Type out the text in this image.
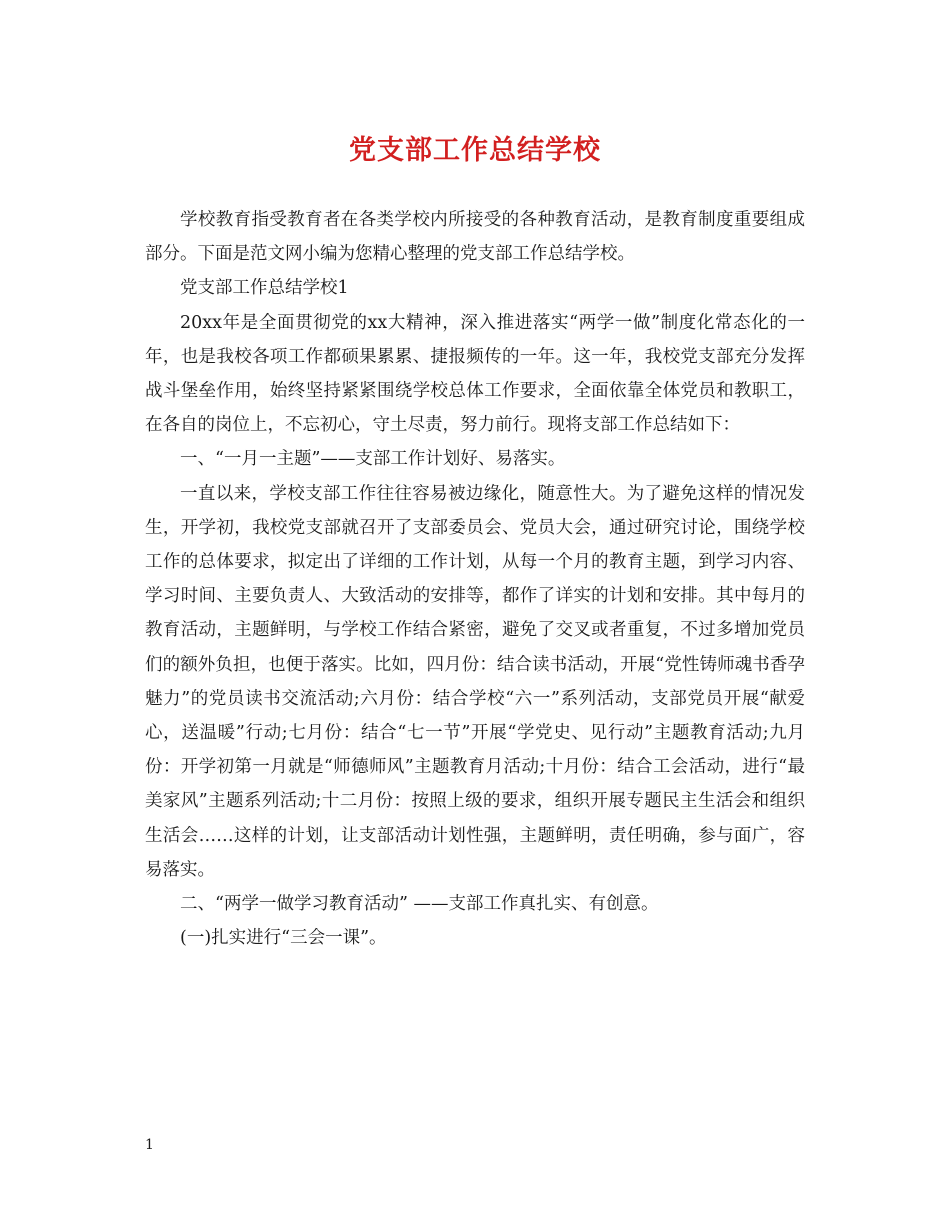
党支部工作总结学校

学校教育指受教育者在各类学校内所接受的各种教育活动，是教育制度重要组成部分。下面是范文网小编为您精心整理的党支部工作总结学校。

党支部工作总结学校1

20xx年是全面贯彻党的xx大精神，深入推进落实“两学一做”制度化常态化的一年，也是我校各项工作都硕果累累、捷报频传的一年。这一年，我校党支部充分发挥战斗堡垒作用，始终坚持紧紧围绕学校总体工作要求，全面依靠全体党员和教职工，在各自的岗位上，不忘初心，守土尽责，努力前行。现将支部工作总结如下：

一、“一月一主题”——支部工作计划好、易落实。

一直以来，学校支部工作往往容易被边缘化，随意性大。为了避免这样的情况发生，开学初，我校党支部就召开了支部委员会、党员大会，通过研究讨论，围绕学校工作的总体要求，拟定出了详细的工作计划，从每一个月的教育主题，到学习内容、学习时间、主要负责人、大致活动的安排等，都作了详实的计划和安排。其中每月的教育活动，主题鲜明，与学校工作结合紧密，避免了交叉或者重复，不过多增加党员们的额外负担，也便于落实。比如，四月份：结合读书活动，开展“党性铸师魂书香孕魅力”的党员读书交流活动;六月份：结合学校“六一”系列活动，支部党员开展“献爱心，送温暖”行动;七月份：结合“七一节”开展“学党史、见行动”主题教育活动;九月份：开学初第一月就是“师德师风”主题教育月活动;十月份：结合工会活动，进行“最美家风”主题系列活动;十二月份：按照上级的要求，组织开展专题民主生活会和组织生活会……这样的计划，让支部活动计划性强，主题鲜明，责任明确，参与面广，容易落实。

二、“两学一做学习教育活动” ——支部工作真扎实、有创意。

(一)扎实进行“三会一课”。

1
